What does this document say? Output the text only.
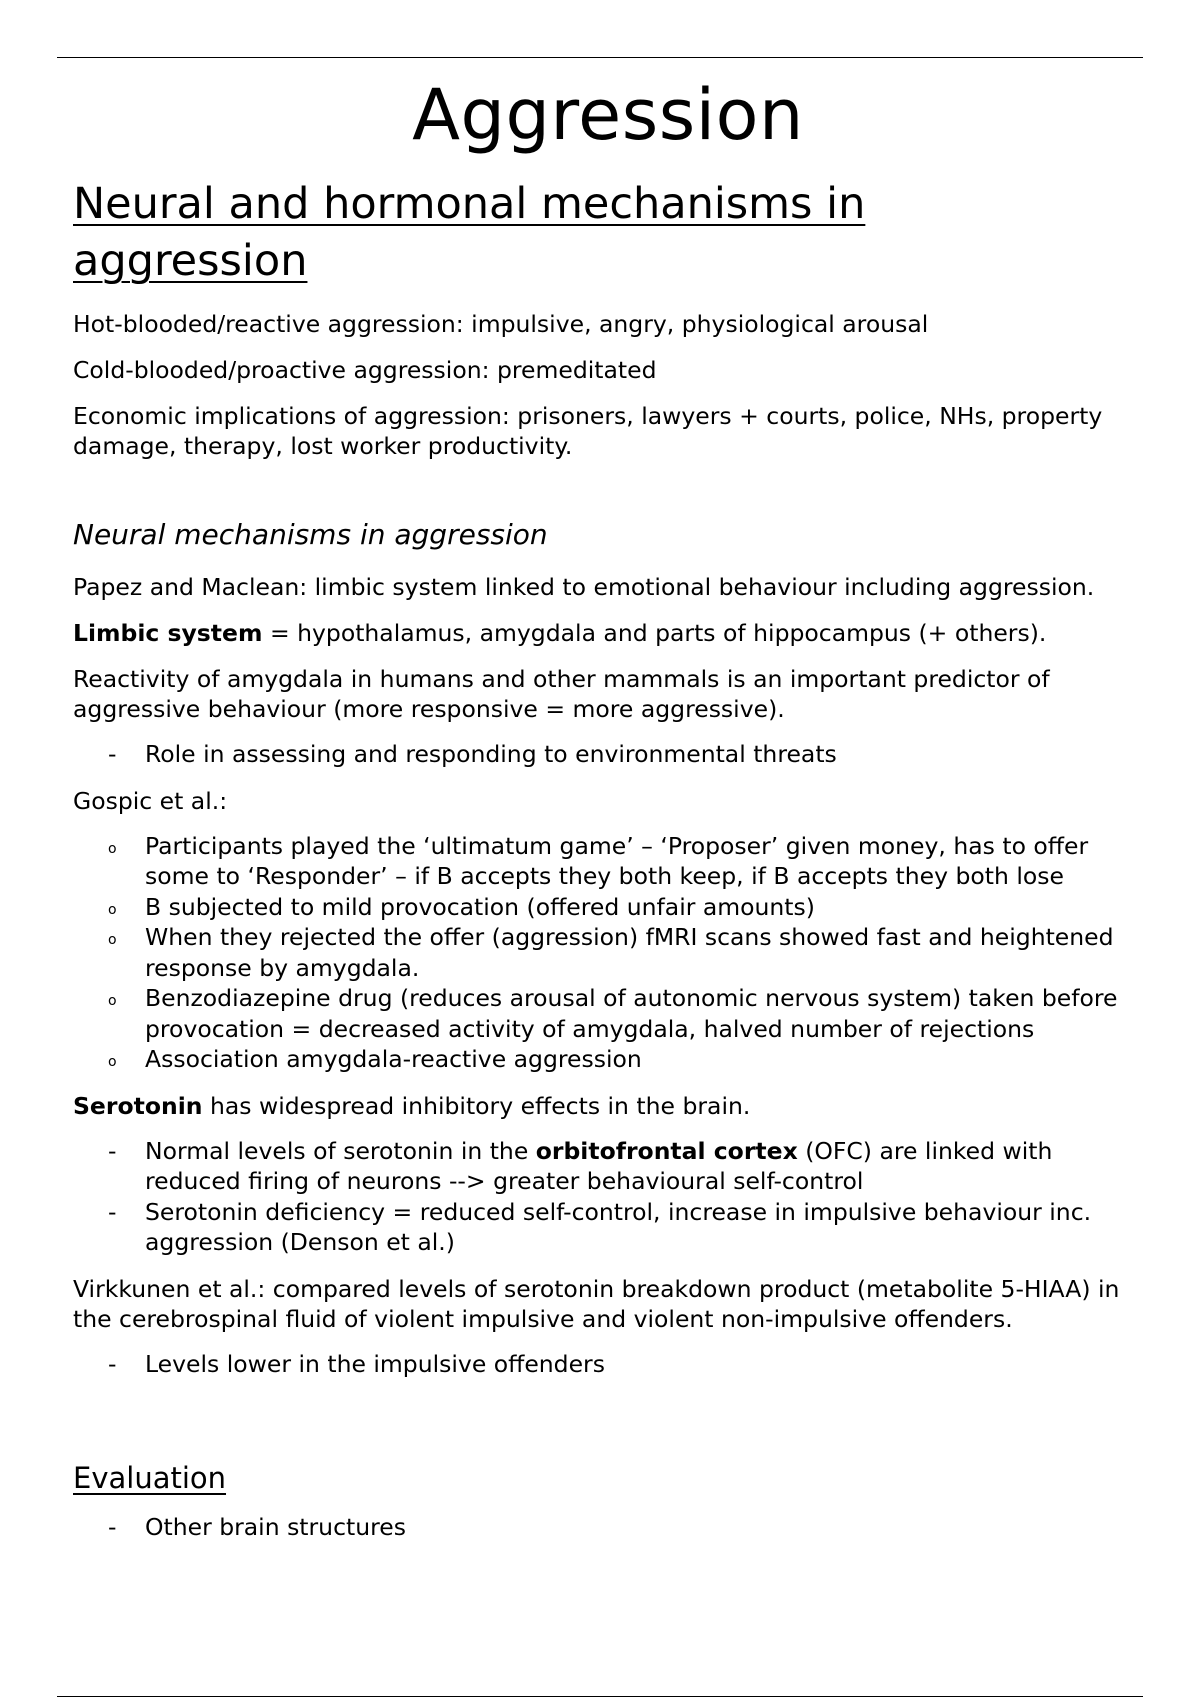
Aggression
Neural and hormonal mechanisms in aggression

Hot-blooded/reactive aggression: impulsive, angry, physiological arousal

Cold-blooded/proactive aggression: premeditated

Economic implications of aggression: prisoners, lawyers + courts, police, NHs, property damage, therapy, lost worker productivity.

Neural mechanisms in aggression

Papez and Maclean: limbic system linked to emotional behaviour including aggression.

Limbic system = hypothalamus, amygdala and parts of hippocampus (+ others).

Reactivity of amygdala in humans and other mammals is an important predictor of aggressive behaviour (more responsive = more aggressive).

-	Role in assessing and responding to environmental threats

Gospic et al.:

o	Participants played the ‘ultimatum game’ – ‘Proposer’ given money, has to offer some to ‘Responder’ – if B accepts they both keep, if B accepts they both lose
o	B subjected to mild provocation (offered unfair amounts)
o	When they rejected the offer (aggression) fMRI scans showed fast and heightened response by amygdala.
o	Benzodiazepine drug (reduces arousal of autonomic nervous system) taken before provocation = decreased activity of amygdala, halved number of rejections
o	Association amygdala-reactive aggression

Serotonin has widespread inhibitory effects in the brain.

-	Normal levels of serotonin in the orbitofrontal cortex (OFC) are linked with reduced firing of neurons --> greater behavioural self-control
-	Serotonin deficiency = reduced self-control, increase in impulsive behaviour inc. aggression (Denson et al.)

Virkkunen et al.: compared levels of serotonin breakdown product (metabolite 5-HIAA) in the cerebrospinal fluid of violent impulsive and violent non-impulsive offenders.

-	Levels lower in the impulsive offenders
Evaluation
-	Other brain structures
